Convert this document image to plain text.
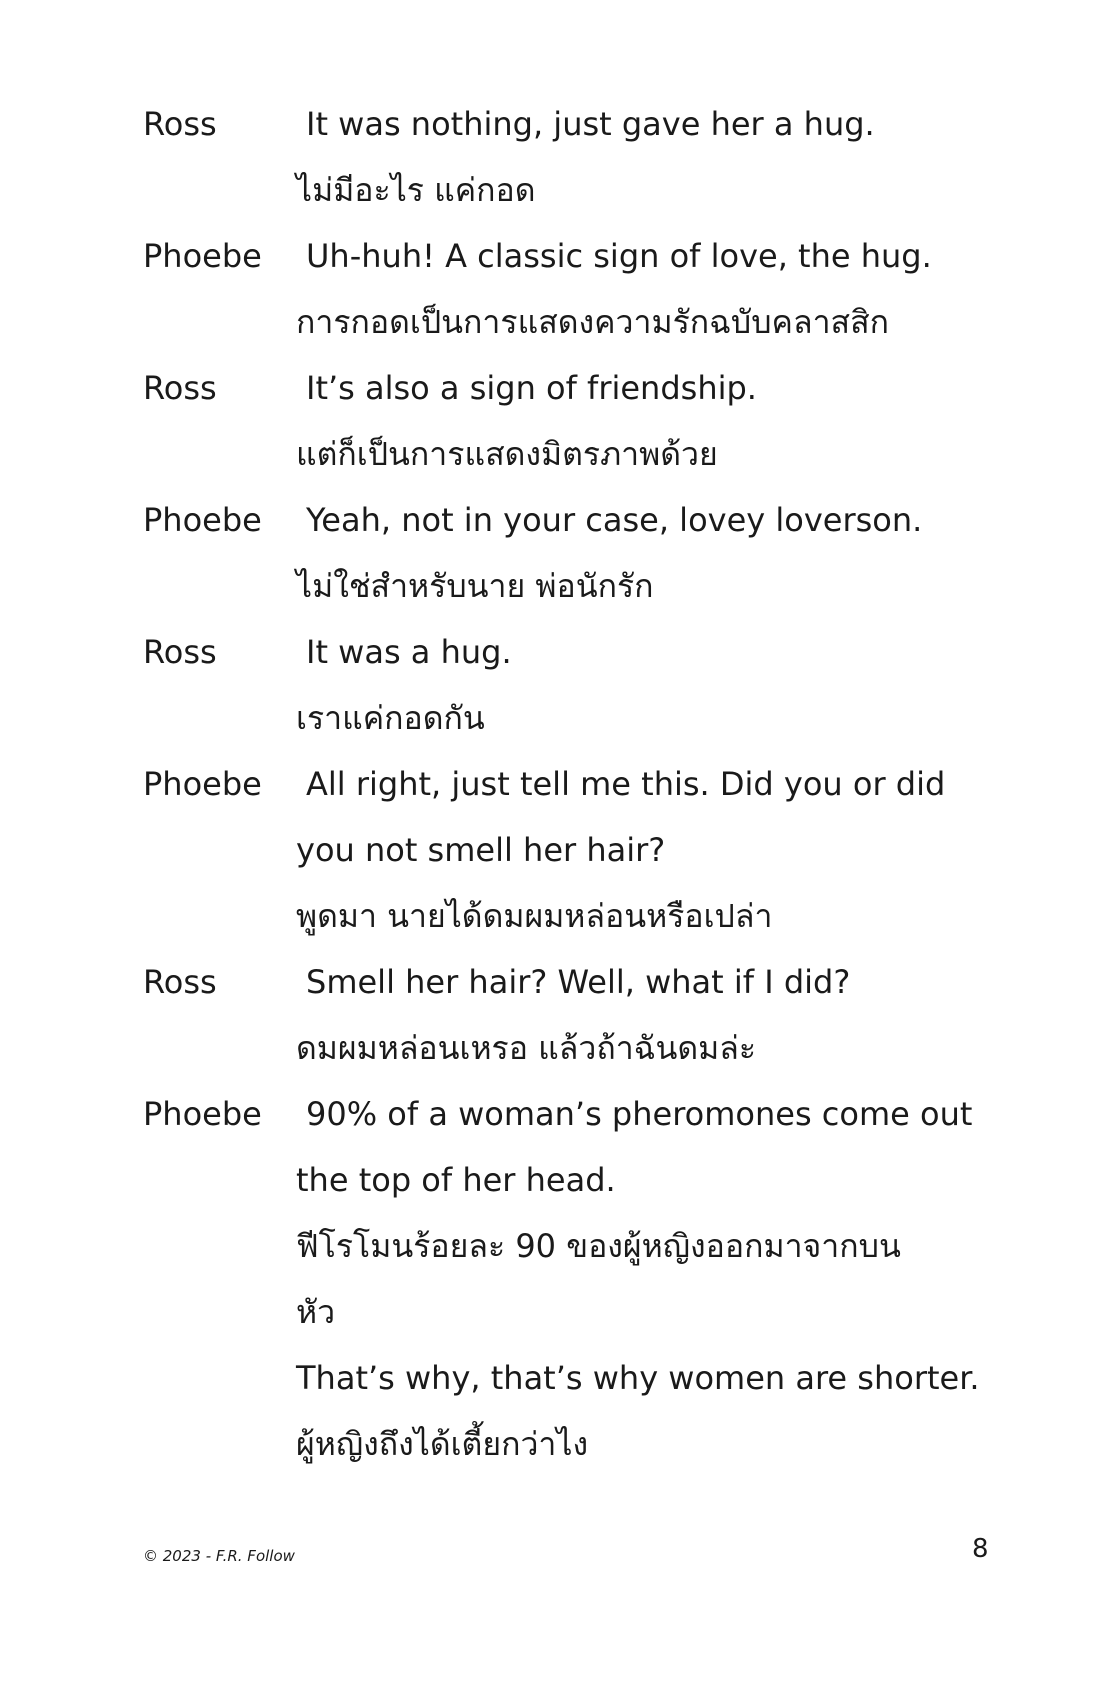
Ross	It was nothing, just gave her a hug.
ไม่มีอะไร แค่กอด
Phoebe Uh-huh! A classic sign of love, the hug.
การกอดเป็นการแสดงความรักฉบับคลาสสิก
Ross	It’s also a sign of friendship.
แต่ก็เป็นการแสดงมิตรภาพด้วย
Phoebe Yeah, not in your case, lovey loverson.
ไม่ใช่สำหรับนาย พ่อนักรัก
Ross	It was a hug.
เราแค่กอดกัน
Phoebe All right, just tell me this. Did you or did
you not smell her hair?
พูดมา นายได้ดมผมหล่อนหรือเปล่า
Ross	Smell her hair? Well, what if I did?
ดมผมหล่อนเหรอ แล้วถ้าฉันดมล่ะ
Phoebe 90% of a woman’s pheromones come out
the top of her head.
ฟีโรโมนร้อยละ 90 ของผู้หญิงออกมาจากบน
หัว
That’s why, that’s why women are shorter.
ผู้หญิงถึงได้เตี้ยกว่าไง
© 2023 - F.R. Follow	8
